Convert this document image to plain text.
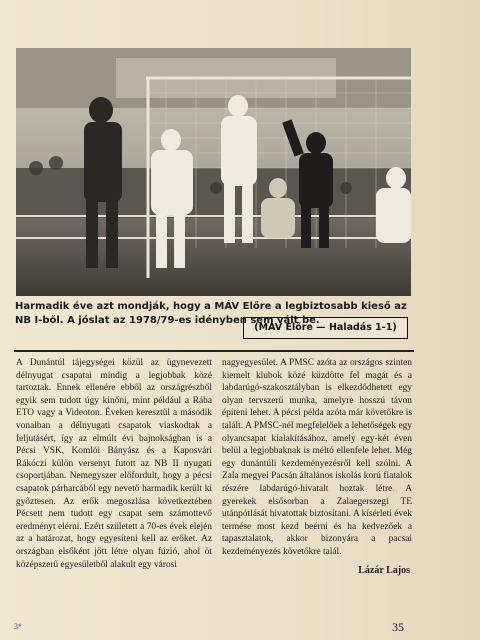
(MÁV Előre — Haladás 1-1)

Harmadik éve azt mondják, hogy a MÁV Előre a legbiztosabb kieső az NB I-ből. A jóslat az 1978/79-es idényben sem vált be.

A Dunántúl tájegységei közül az ügynevezett délnyugat csapatai mindig a legjobbak közé tartoztak. Ennek ellenére ebből az országrészből egyik sem tudott úgy kinőni, mint például a Rába ETO vagy a Videoton. Éveken keresztül a második vonalban a délnyugati csapatok viaskodtak a feljutásért, így az elmúlt évi bajnokságban is a Pécsi VSK, Komlói Bányász és a Kaposvári Rákóczi külön versenyt futott az NB II nyugati csoportjában. Nemegyszer előfordult, hogy a pécsi csapatok párharcából egy nevető harmadik került ki győztesen. Az erők megoszlása következtében Pécsett nem tudott egy csapat sem számottevő eredményt elérni. Ezért született a 70-es évek elején az a határozat, hogy egyesíteni kell az erőket. Az országban elsőként jött létre olyan fúzió, ahol öt középszerű egyesületből alakult egy városi

nagyegyesület. A PMSC azóta az országos szinten kiemelt klubok közé küzdötte fel magát és a labdarúgó-szakosztályban is elkezdődhetett egy olyan tervszerű munka, amelyre hosszú távon építeni lehet. A pécsi példa azóta már követőkre is talált. A PMSC-nél megfelelőek a lehetőségek egy olyancsapat kialakításához, amely egy-két éven belül a legjobbaknak is méltó ellenfele lehet. Még egy dunántúli kezdeményezésről kell szólni. A Zala megyei Pacsán általános iskolás korú fiatalok részére labdarúgó-hivatalt hoztak létre. A gyerekek elsősorban a Zalaegerszegi TE utánpótlását hivatottak biztosítani. A kísérleti évek termése most kezd beérni és ha kedvezőek a tapasztalatok, akkor bizonyára a pacsai kezdeményezés követőkre talál.

Lázár Lajos

3*	35
